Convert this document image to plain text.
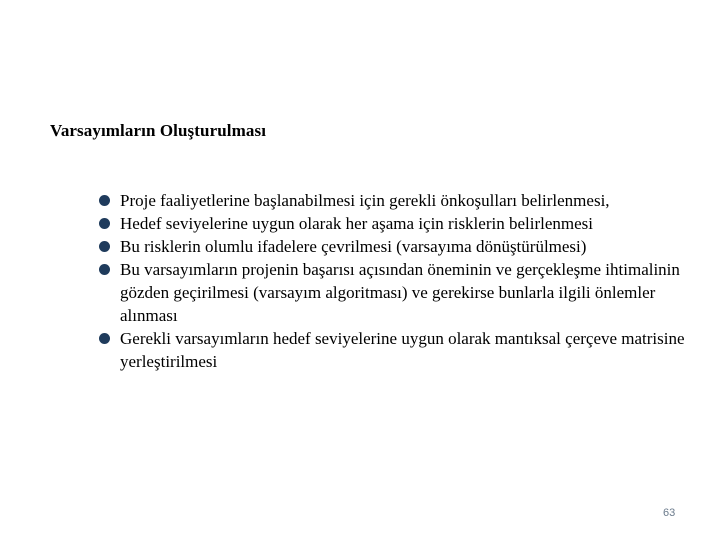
Varsayımların Oluşturulması
Proje faaliyetlerine başlanabilmesi için gerekli önkoşulları belirlenmesi,
Hedef seviyelerine uygun olarak her aşama için risklerin belirlenmesi
Bu risklerin olumlu ifadelere çevrilmesi (varsayıma dönüştürülmesi)
Bu varsayımların projenin başarısı açısından öneminin ve gerçekleşme ihtimalinin gözden geçirilmesi (varsayım algoritması) ve gerekirse bunlarla ilgili önlemler alınması
Gerekli varsayımların hedef seviyelerine uygun olarak mantıksal çerçeve matrisine yerleştirilmesi
63
